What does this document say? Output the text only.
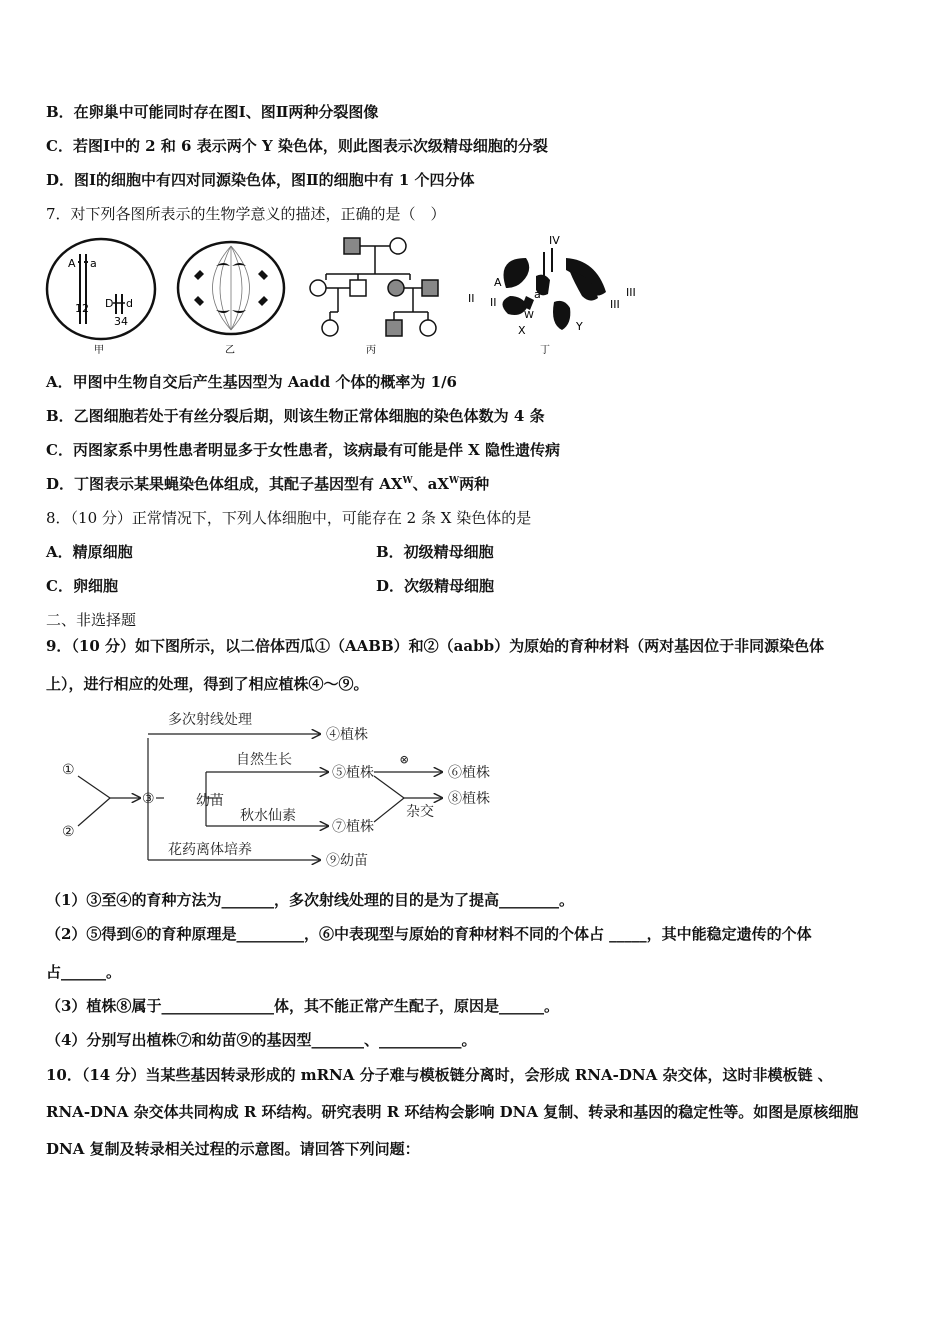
B．在卵巢中可能同时存在图Ⅰ、图Ⅱ两种分裂图像
C．若图Ⅰ中的 2 和 6 表示两个 Y 染色体，则此图表示次级精母细胞的分裂
D．图Ⅰ的细胞中有四对同源染色体，图Ⅱ的细胞中有 1 个四分体
7．对下列各图所表示的生物学意义的描述，正确的是（　）
A a
12 D d
34
甲	乙	丙
IV
II II
III
III
A
a
W
X	Y
丁
A．甲图中生物自交后产生基因型为 Aadd 个体的概率为 1/6
B．乙图细胞若处于有丝分裂后期，则该生物正常体细胞的染色体数为 4 条
C．丙图家系中男性患者明显多于女性患者，该病最有可能是伴 X 隐性遗传病
D．丁图表示某果蝇染色体组成，其配子基因型有 $AX^W$、$aX^W$两种
8．（10 分）正常情况下，下列人体细胞中，可能存在 2 条 X 染色体的是
A．精原细胞	B．初级精母细胞
C．卵细胞	D．次级精母细胞
二、非选择题
9．（10 分）如下图所示，以二倍体西瓜①（AABB）和②（aabb）为原始的育种材料（两对基因位于非同源染色体
上），进行相应的处理，得到了相应植株④～⑨。
①
②
③	幼苗
多次射线处理
④植株
自然生长
⑤植株
⊗
⑥植株
杂交
⑧植株
秋水仙素
⑦植株
花药离体培养
⑨幼苗
（1）③至④的育种方法为_______，多次射线处理的目的是为了提高________。
（2）⑤得到⑥的育种原理是_________，⑥中表现型与原始的育种材料不同的个体占 _____，其中能稳定遗传的个体
占______。
（3）植株⑧属于_______________体，其不能正常产生配子，原因是______。
（4）分别写出植株⑦和幼苗⑨的基因型_______、___________。
10．（14 分）当某些基因转录形成的 mRNA 分子难与模板链分离时，会形成 RNA-DNA 杂交体，这时非模板链 、
RNA-DNA 杂交体共同构成 R 环结构。研究表明 R 环结构会影响 DNA 复制、转录和基因的稳定性等。如图是原核细胞
DNA 复制及转录相关过程的示意图。请回答下列问题：
